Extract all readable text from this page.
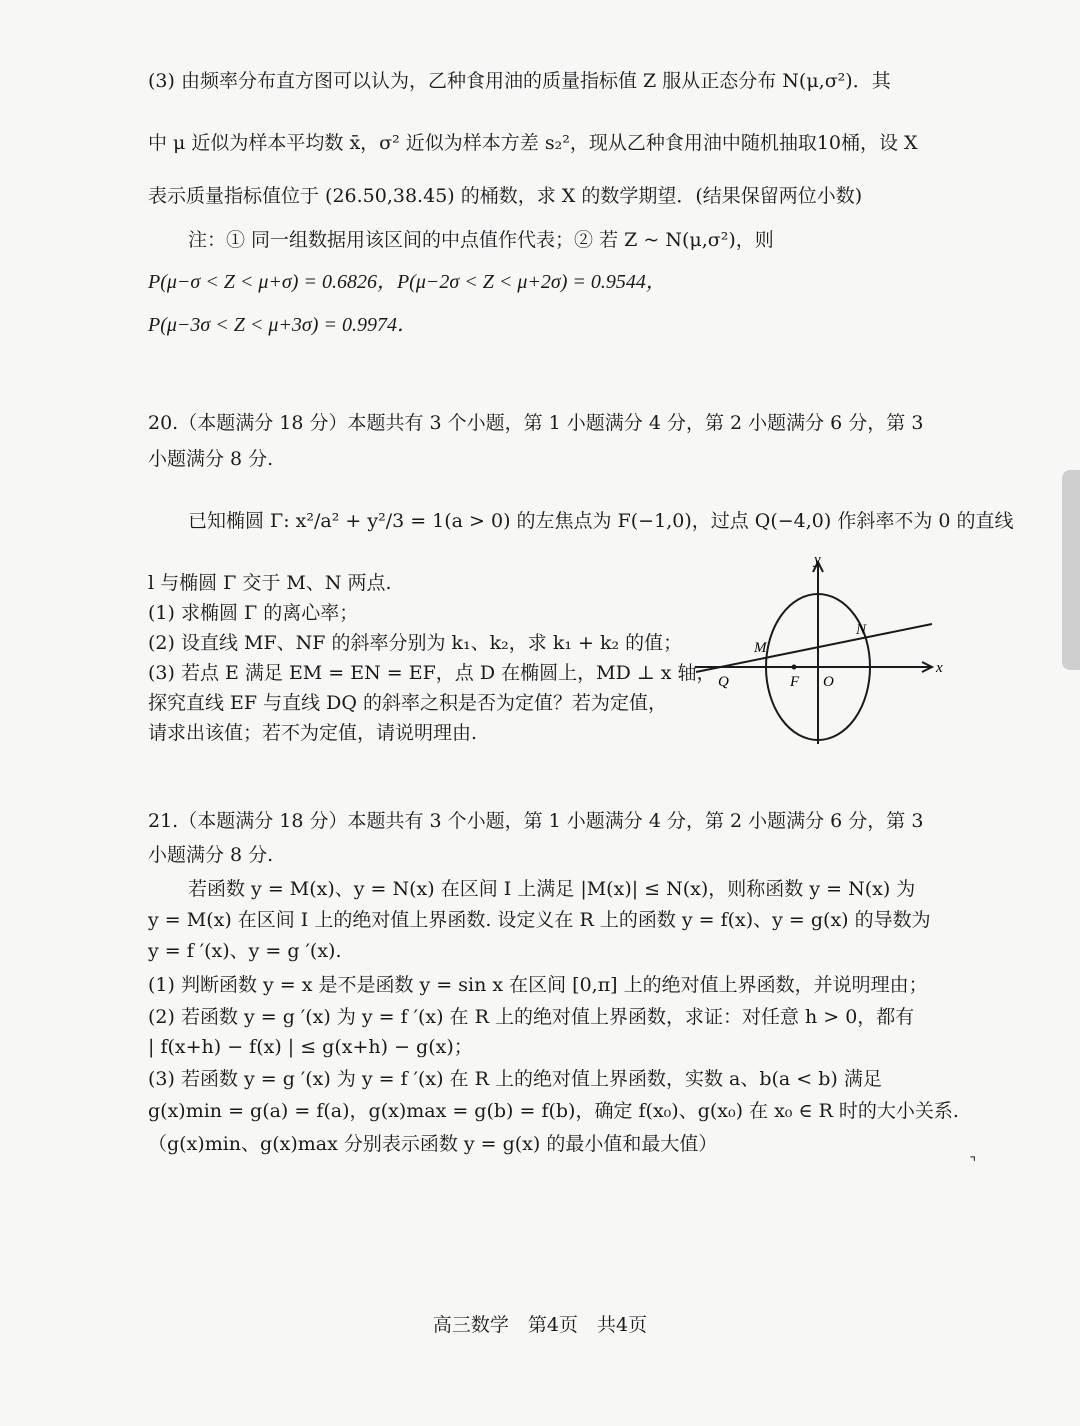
(3) 由频率分布直方图可以认为，乙种食用油的质量指标值 Z 服从正态分布 N(μ,σ²)．其
中 μ 近似为样本平均数 x̄，σ² 近似为样本方差 s₂²，现从乙种食用油中随机抽取10桶，设 X
表示质量指标值位于 (26.50,38.45) 的桶数，求 X 的数学期望．(结果保留两位小数)
注：① 同一组数据用该区间的中点值作代表；② 若 Z ~ N(μ,σ²)，则
P(μ−σ < Z < μ+σ) = 0.6826，P(μ−2σ < Z < μ+2σ) = 0.9544，
P(μ−3σ < Z < μ+3σ) = 0.9974．
20.（本题满分 18 分）本题共有 3 个小题，第 1 小题满分 4 分，第 2 小题满分 6 分，第 3
小题满分 8 分.
已知椭圆 Γ: x²/a² + y²/3 = 1(a > 0) 的左焦点为 F(−1,0)，过点 Q(−4,0) 作斜率不为 0 的直线
l 与椭圆 Γ 交于 M、N 两点.
(1) 求椭圆 Γ 的离心率；
(2) 设直线 MF、NF 的斜率分别为 k₁、k₂，求 k₁ + k₂ 的值；
(3) 若点 E 满足 EM = EN = EF，点 D 在椭圆上，MD ⊥ x 轴，
探究直线 EF 与直线 DQ 的斜率之积是否为定值？若为定值，
请求出该值；若不为定值，请说明理由.
y
x
M
N
Q	F O
21.（本题满分 18 分）本题共有 3 个小题，第 1 小题满分 4 分，第 2 小题满分 6 分，第 3
小题满分 8 分.
若函数 y = M(x)、y = N(x) 在区间 I 上满足 |M(x)| ≤ N(x)，则称函数 y = N(x) 为
y = M(x) 在区间 I 上的绝对值上界函数. 设定义在 R 上的函数 y = f(x)、y = g(x) 的导数为
y = f ′(x)、y = g ′(x).
(1) 判断函数 y = x 是不是函数 y = sin x 在区间 [0,π] 上的绝对值上界函数，并说明理由；
(2) 若函数 y = g ′(x) 为 y = f ′(x) 在 R 上的绝对值上界函数，求证：对任意 h > 0，都有
| f(x+h) − f(x) | ≤ g(x+h) − g(x)；
(3) 若函数 y = g ′(x) 为 y = f ′(x) 在 R 上的绝对值上界函数，实数 a、b(a < b) 满足
g(x)min = g(a) = f(a)，g(x)max = g(b) = f(b)，确定 f(x₀)、g(x₀) 在 x₀ ∈ R 时的大小关系.
（g(x)min、g(x)max 分别表示函数 y = g(x) 的最小值和最大值）
⌝
高三数学　第4页　共4页
